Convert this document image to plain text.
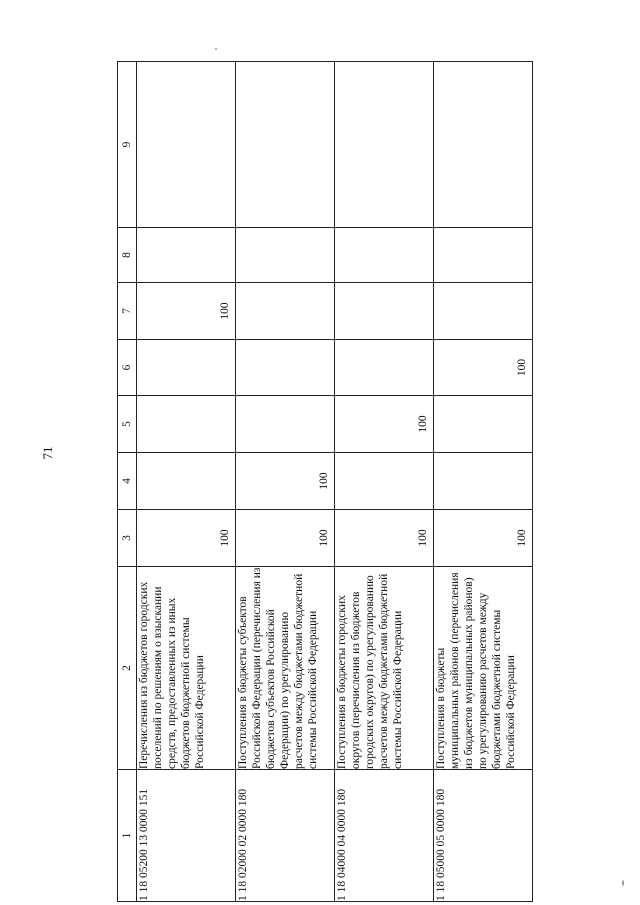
71
1	2	3	4	5	6	7	8	9
1 18 05200 13 0000 151	Перечисления из бюджетов городских поселений по решениям о взыскании средств, предоставленных из иных бюджетов бюджетной системы Российской Федерации	100				100		
1 18 02000 02 0000 180	Поступления в бюджеты субъектов Российской Федерации (перечисления из бюджетов субъектов Российской Федерации) по урегулированию расчетов между бюджетами бюджетной системы Российской Федерации	100	100					
1 18 04000 04 0000 180	Поступления в бюджеты городских округов (перечисления из бюджетов городских округов) по урегулированию расчетов между бюджетами бюджетной системы Российской Федерации	100		100				
1 18 05000 05 0000 180	Поступления в бюджеты муниципальных районов (перечисления из бюджетов муниципальных районов) по урегулированию расчетов между бюджетами бюджетной системы Российской Федерации	100			100			
